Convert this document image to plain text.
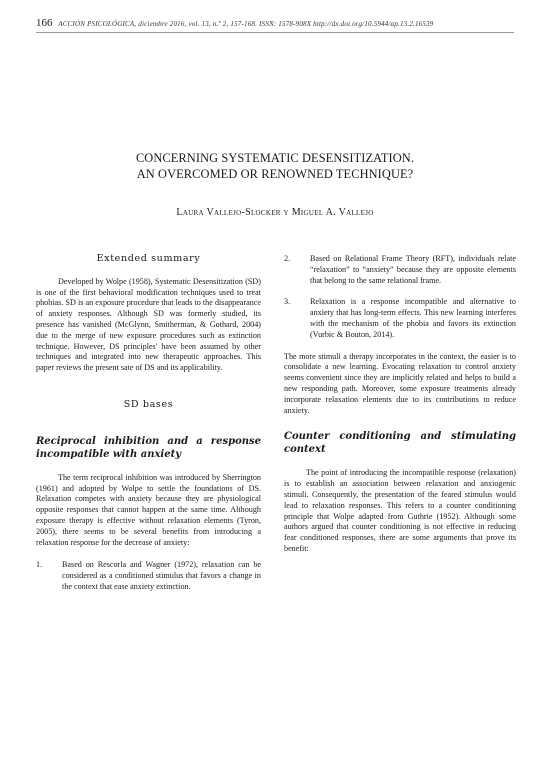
166 ACCIÓN PSICOLÓGICA, diciembre 2016, vol. 13, n.º 2, 157-168. ISSN: 1578-908X http://dx.doi.org/10.5944/ap.13.2.16539
CONCERNING SYSTEMATIC DESENSITIZATION.
AN OVERCOMED OR RENOWNED TECHNIQUE?
Laura Vallejo-Slocker y Miguel A. Vallejo

Extended summary

Developed by Wolpe (1958), Systematic Desensitization (SD) is one of the first behavioral modification techniques used to treat phobias. SD is an exposure procedure that leads to the disappearance of anxiety responses. Although SD was formerly studied, its presence has vanished (McGlynn, Smitherman, & Gothard, 2004) due to the merge of new exposure procedures such as extinction technique. However, DS principles' have been assumed by other techniques and integrated into new therapeutic approaches. This paper reviews the present sate of DS and its applicability.

SD bases

Reciprocal inhibition and a response incompatible with anxiety

The term reciprocal inhibition was introduced by Sherrington (1961) and adopted by Wolpe to settle the foundations of DS. Relaxation competes with anxiety because they are physiological opposite responses that cannot happen at the same time. Although exposure therapy is effective without relaxation elements (Tyron, 2005), there seems to be several benefits from introducing a relaxation response for the decrease of anxiety:

1.	Based on Rescorla and Wagner (1972), relaxation can be considered as a conditioned stimulus that favors a change in the context that ease anxiety extinction.
2.	Based on Relational Frame Theory (RFT), individuals relate “relaxation” to “anxiety” because they are opposite elements that belong to the same relational frame.
3.	Relaxation is a response incompatible and alternative to anxiety that has long-term effects. This new learning interferes with the mechanism of the phobia and favors its extinction (Vurbic & Bouton, 2014).

The more stimuli a therapy incorporates in the context, the easier is to consolidate a new learning. Evocating relaxation to control anxiety seems convenient since they are implicitly related and helps to build a new responding path. Moreover, some exposure treatments already incorporate relaxation elements due to its contributions to reduce anxiety.

Counter conditioning and stimulating context

The point of introducing the incompatible response (relaxation) is to establish an association between relaxation and anxiogenic stimuli. Consequently, the presentation of the feared stimulus would lead to relaxation responses. This refers to a counter conditioning principle that Wolpe adapted from Guthrie (1952). Although some authors argued that counter conditioning is not effective in reducing fear conditioned responses, there are some arguments that prove its benefit:
